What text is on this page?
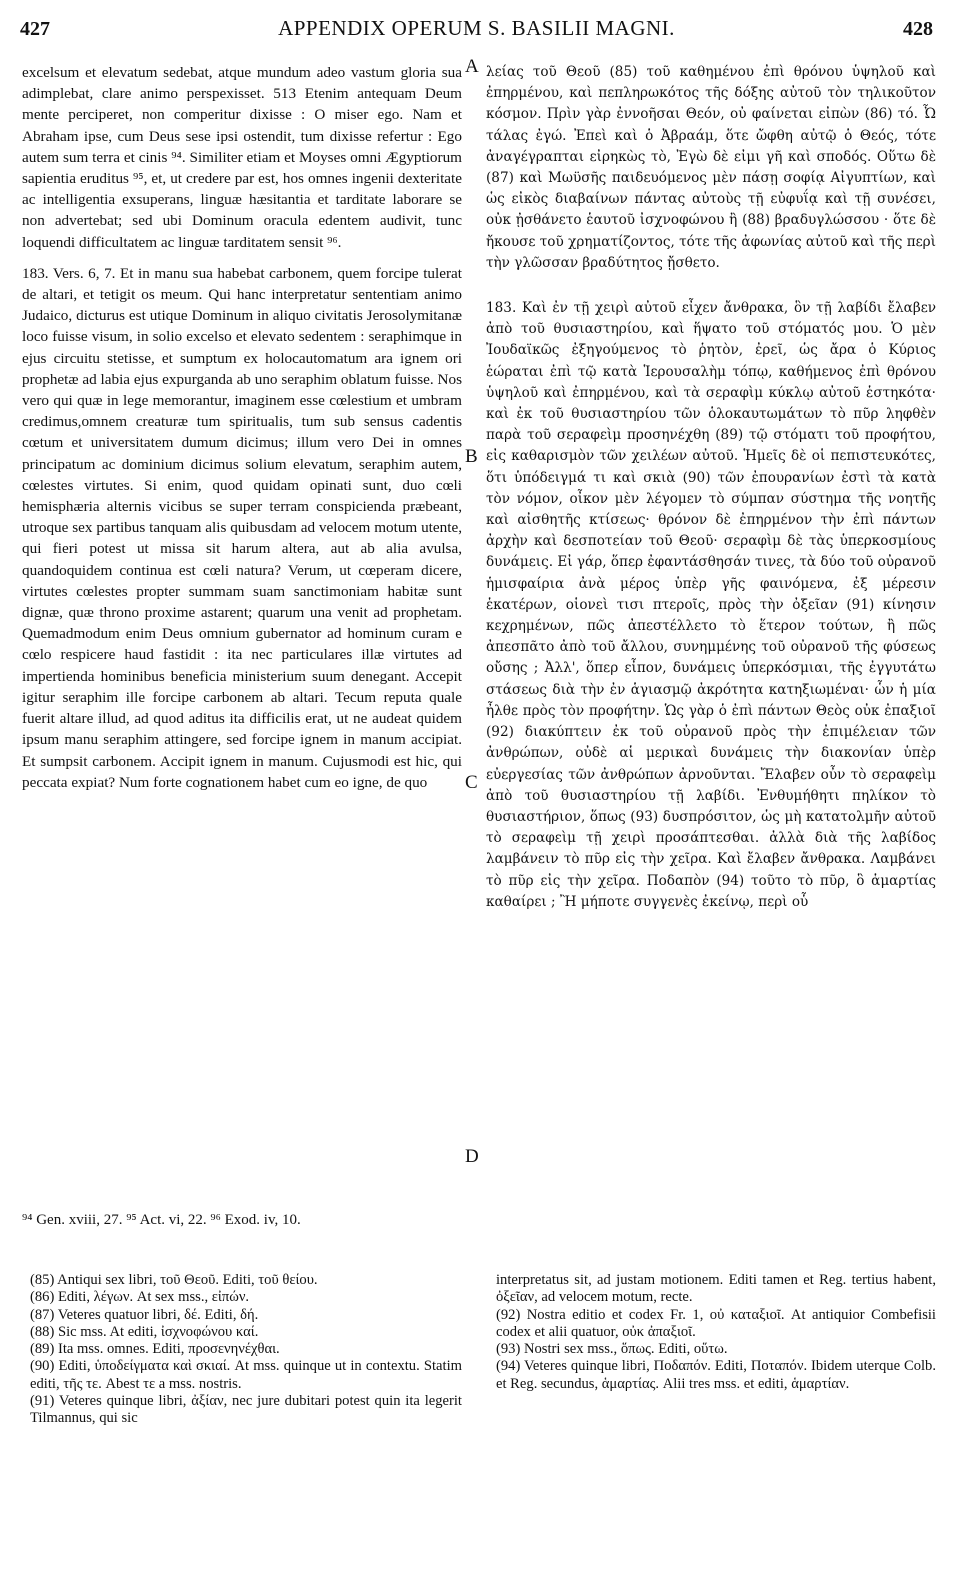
427	APPENDIX OPERUM S. BASILII MAGNI.	428

excelsum et elevatum sedebat, atque mundum adeo vastum gloria sua adimplebat, clare animo perspexisset. 513 Etenim antequam Deum mente perciperet, non comperitur dixisse : O miser ego. Nam et Abraham ipse, cum Deus sese ipsi ostendit, tum dixisse refertur : Ego autem sum terra et cinis ⁹⁴. Similiter etiam et Moyses omni Ægyptiorum sapientia eruditus ⁹⁵, et, ut credere par est, hos omnes ingenii dexteritate ac intelligentia exsuperans, linguæ hæsitantia et tarditate laborare se non advertebat; sed ubi Dominum oracula edentem audivit, tunc loquendi difficultatem ac linguæ tarditatem sensit ⁹⁶.

183. Vers. 6, 7. Et in manu sua habebat carbonem, quem forcipe tulerat de altari, et tetigit os meum. Qui hanc interpretatur sententiam animo Judaico, dicturus est utique Dominum in aliquo civitatis Jerosolymitanæ loco fuisse visum, in solio excelso et elevato sedentem : seraphimque in ejus circuitu stetisse, et sumptum ex holocautomatum ara ignem ori prophetæ ad labia ejus expurganda ab uno seraphim oblatum fuisse. Nos vero qui quæ in lege memorantur, imaginem esse cœlestium et umbram credimus,omnem creaturæ tum spiritualis, tum sub sensus cadentis cœtum et universitatem dumum dicimus; illum vero Dei in omnes principatum ac dominium dicimus solium elevatum, seraphim autem, cœlestes virtutes. Si enim, quod quidam opinati sunt, duo cœli hemisphæria alternis vicibus se super terram conspicienda præbeant, utroque sex partibus tanquam alis quibusdam ad velocem motum utente, qui fieri potest ut missa sit harum altera, aut ab alia avulsa, quandoquidem continua est cœli natura? Verum, ut cœperam dicere, virtutes cœlestes propter summam suam sanctimoniam habitæ sunt dignæ, quæ throno proxime astarent; quarum una venit ad prophetam. Quemadmodum enim Deus omnium gubernator ad hominum curam e cœlo respicere haud fastidit : ita nec particulares illæ virtutes ad impertienda hominibus beneficia ministerium suum denegant. Accepit igitur seraphim ille forcipe carbonem ab altari. Tecum reputa quale fuerit altare illud, ad quod aditus ita difficilis erat, ut ne audeat quidem ipsum manu seraphim attingere, sed forcipe ignem in manum accipiat. Et sumpsit carbonem. Accipit ignem in manum. Cujusmodi est hic, qui peccata expiat? Num forte cognationem habet cum eo igne, de quo

A
B
C
D

λείας τοῦ Θεοῦ (85) τοῦ καθημένου ἐπὶ θρόνου ὑψηλοῦ καὶ ἐπηρμένου, καὶ πεπληρωκότος τῆς δόξης αὐτοῦ τὸν τηλικοῦτον κόσμον. Πρὶν γὰρ ἐννοῆσαι Θεόν, οὐ φαίνεται εἰπὼν (86) τό. Ὦ τάλας ἐγώ. Ἐπεὶ καὶ ὁ Ἀβραάμ, ὅτε ὤφθη αὐτῷ ὁ Θεός, τότε ἀναγέγραπται εἰρηκὼς τὸ, Ἐγὼ δὲ εἰμι γῆ καὶ σποδός. Οὕτω δὲ (87) καὶ Μωϋσῆς παιδευόμενος μὲν πάσῃ σοφίᾳ Αἰγυπτίων, καὶ ὡς εἰκὸς διαβαίνων πάντας αὐτοὺς τῇ εὐφυΐᾳ καὶ τῇ συνέσει, οὐκ ᾐσθάνετο ἑαυτοῦ ἰσχνοφώνου ἢ (88) βραδυγλώσσου · ὅτε δὲ ἤκουσε τοῦ χρηματίζοντος, τότε τῆς ἀφωνίας αὐτοῦ καὶ τῆς περὶ τὴν γλῶσσαν βραδύτητος ᾔσθετο.

183. Καὶ ἐν τῇ χειρὶ αὐτοῦ εἶχεν ἄνθρακα, ὃν τῇ λαβίδι ἔλαβεν ἀπὸ τοῦ θυσιαστηρίου, καὶ ἥψατο τοῦ στόματός μου. Ὁ μὲν Ἰουδαϊκῶς ἐξηγούμενος τὸ ῥητὸν, ἐρεῖ, ὡς ἄρα ὁ Κύριος ἑώραται ἐπὶ τῷ κατὰ Ἱερουσαλὴμ τόπῳ, καθήμενος ἐπὶ θρόνου ὑψηλοῦ καὶ ἐπηρμένου, καὶ τὰ σεραφὶμ κύκλῳ αὐτοῦ ἑστηκότα· καὶ ἐκ τοῦ θυσιαστηρίου τῶν ὁλοκαυτωμάτων τὸ πῦρ ληφθὲν παρὰ τοῦ σεραφεὶμ προσηνέχθη (89) τῷ στόματι τοῦ προφήτου, εἰς καθαρισμὸν τῶν χειλέων αὐτοῦ. Ἡμεῖς δὲ οἱ πεπιστευκότες, ὅτι ὑπόδειγμά τι καὶ σκιὰ (90) τῶν ἐπουρανίων ἐστὶ τὰ κατὰ τὸν νόμον, οἶκον μὲν λέγομεν τὸ σύμπαν σύστημα τῆς νοητῆς καὶ αἰσθητῆς κτίσεως· θρόνον δὲ ἐπηρμένον τὴν ἐπὶ πάντων ἀρχὴν καὶ δεσποτείαν τοῦ Θεοῦ· σεραφὶμ δὲ τὰς ὑπερκοσμίους δυνάμεις. Εἰ γάρ, ὅπερ ἐφαντάσθησάν τινες, τὰ δύο τοῦ οὐρανοῦ ἡμισφαίρια ἀνὰ μέρος ὑπὲρ γῆς φαινόμενα, ἐξ μέρεσιν ἑκατέρων, οἱονεὶ τισι πτεροῖς, πρὸς τὴν ὀξεῖαν (91) κίνησιν κεχρημένων, πῶς ἀπεστέλλετο τὸ ἕτερον τούτων, ἢ πῶς ἀπεσπᾶτο ἀπὸ τοῦ ἄλλου, συνημμένης τοῦ οὐρανοῦ τῆς φύσεως οὔσης ; Ἀλλ', ὅπερ εἶπον, δυνάμεις ὑπερκόσμιαι, τῆς ἐγγυτάτω στάσεως διὰ τὴν ἐν ἁγιασμῷ ἀκρότητα κατηξιωμέναι· ὧν ἡ μία ἦλθε πρὸς τὸν προφήτην. Ὡς γὰρ ὁ ἐπὶ πάντων Θεὸς οὐκ ἐπαξιοῖ (92) διακύπτειν ἐκ τοῦ οὐρανοῦ πρὸς τὴν ἐπιμέλειαν τῶν ἀνθρώπων, οὐδὲ αἱ μερικαὶ δυνάμεις τὴν διακονίαν ὑπὲρ εὐεργεσίας τῶν ἀνθρώπων ἀρνοῦνται. Ἔλαβεν οὖν τὸ σεραφεὶμ ἀπὸ τοῦ θυσιαστηρίου τῇ λαβίδι. Ἐνθυμήθητι πηλίκον τὸ θυσιαστήριον, ὅπως (93) δυσπρόσιτον, ὡς μὴ κατατολμῆν αὐτοῦ τὸ σεραφεὶμ τῇ χειρὶ προσάπτεσθαι. ἀλλὰ διὰ τῆς λαβίδος λαμβάνειν τὸ πῦρ εἰς τὴν χεῖρα. Καὶ ἔλαβεν ἄνθρακα. Λαμβάνει τὸ πῦρ εἰς τὴν χεῖρα. Ποδαπὸν (94) τοῦτο τὸ πῦρ, ὃ ἁμαρτίας καθαίρει ; Ἢ μήποτε συγγενὲς ἐκείνῳ, περὶ οὗ

⁹⁴ Gen. xviii, 27. ⁹⁵ Act. vi, 22. ⁹⁶ Exod. iv, 10.

(85) Antiqui sex libri, τοῦ Θεοῦ. Editi, τοῦ θείου.

(86) Editi, λέγων. At sex mss., εἰπών.

(87) Veteres quatuor libri, δέ. Editi, δή.

(88) Sic mss. At editi, ἰσχνοφώνου καί.

(89) Ita mss. omnes. Editi, προσενηνέχθαι.

(90) Editi, ὑποδείγματα καὶ σκιαί. At mss. quinque ut in contextu. Statim editi, τῆς τε. Abest τε a mss. nostris.

(91) Veteres quinque libri, ἀξίαν, nec jure dubitari potest quin ita legerit Tilmannus, qui sic

interpretatus sit, ad justam motionem. Editi tamen et Reg. tertius habent, ὀξεῖαν, ad velocem motum, recte.

(92) Nostra editio et codex Fr. 1, οὐ καταξιοῖ. At antiquior Combefisii codex et alii quatuor, οὐκ ἀπαξιοῖ.

(93) Nostri sex mss., ὅπως. Editi, οὕτω.

(94) Veteres quinque libri, Ποδαπόν. Editi, Ποταπόν. Ibidem uterque Colb. et Reg. secundus, ἁμαρτίας. Alii tres mss. et editi, ἁμαρτίαν.
